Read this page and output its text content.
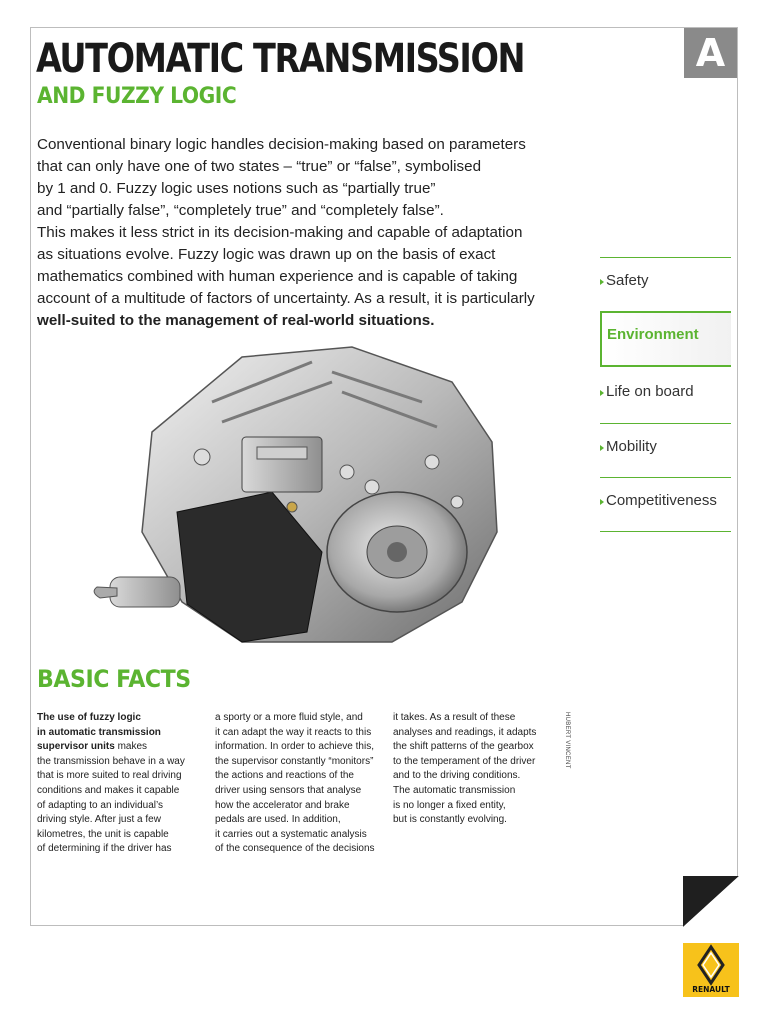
A
AUTOMATIC TRANSMISSION
AND FUZZY LOGIC

Conventional binary logic handles decision-making based on parameters

that can only have one of two states – “true” or “false”, symbolised

by 1 and 0. Fuzzy logic uses notions such as “partially true”

and “partially false”, “completely true” and “completely false”.

This makes it less strict in its decision-making and capable of adaptation

as situations evolve. Fuzzy logic was drawn up on the basis of exact

mathematics combined with human experience and is capable of taking

account of a multitude of factors of uncertainty. As a result, it is particularly

well-suited to the management of real-world situations.

HUBERT VINCENT
Safety
Environment
Life on board
Mobility
Competitiveness
BASIC FACTS

The use of fuzzy logic

in automatic transmission

supervisor units makes

the transmission behave in a way

that is more suited to real driving

conditions and makes it capable

of adapting to an individual’s

driving style. After just a few

kilometres, the unit is capable

of determining if the driver has

a sporty or a more fluid style, and

it can adapt the way it reacts to this

information. In order to achieve this,

the supervisor constantly “monitors”

the actions and reactions of the

driver using sensors that analyse

how the accelerator and brake

pedals are used. In addition,

it carries out a systematic analysis

of the consequence of the decisions

it takes. As a result of these

analyses and readings, it adapts

the shift patterns of the gearbox

to the temperament of the driver

and to the driving conditions.

The automatic transmission

is no longer a fixed entity,

but is constantly evolving.

RENAULT
